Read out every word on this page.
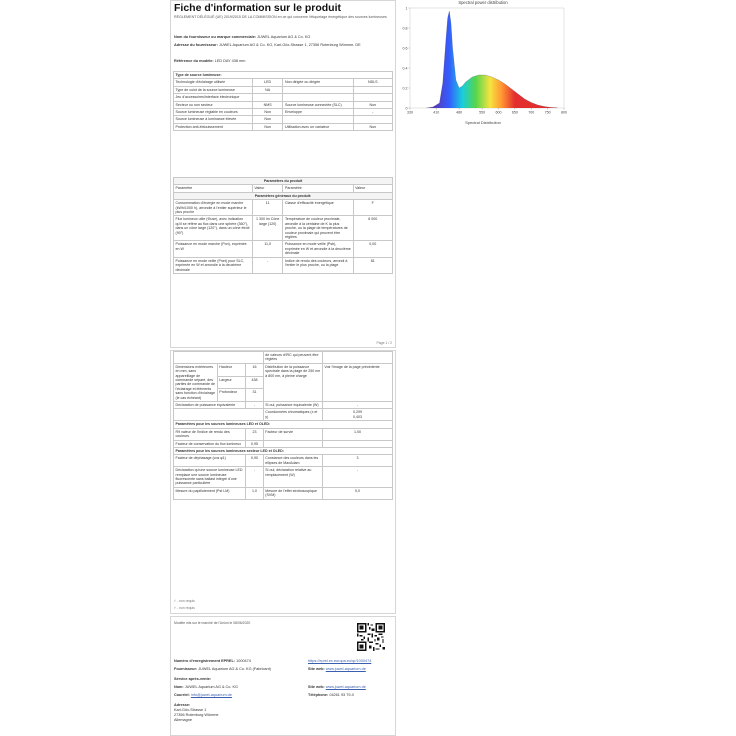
Fiche d'information sur le produit
RÈGLEMENT DÉLÉGUÉ (UE) 2019/2015 DE LA COMMISSION en ce qui concerne l'étiquetage énergétique des sources lumineuses
Nom du fournisseur ou marque commerciale: JUWEL Aquarium AG & Co. KG
Adresse du fournisseur: JUWEL Aquarium AG & Co. KG, Karl-Göx-Strasse 1, 27356 Rotenburg Wümme, DE
Référence du modèle: LED DAY 438 mm
Type de source lumineuse:			
Technologie d'éclairage utilisée	LED	Non dirigée ou dirigée	NDLS
Type de culot de la source lumineuse	NA		
Jeu d'accessoires/interface électronique			
Secteur ou non secteur	NMS	Source lumineuse connectée (SLC)	Non
Source lumineuse réglable en couleurs	Non	Enveloppe	-
Source lumineuse à luminance élevée	Non		
Protection anti-éblouissement	Non	Utilisation avec un variateur	Non
Paramètres du produit			
Paramètre	Valeur	Paramètre	Valeur
Paramètres généraux du produit:			
Consommation d'énergie en mode marche (kWh/1000 h), arrondie à l'entier supérieur le plus proche	11	Classe d'efficacité énergétique	F
Flux lumineux utile (Φuse), avec indication qu'il se réfère au flux dans une sphère (360°), dans un cône large (120°), dans un cône étroit (90°)	1 300 lm Cône large (120)	Température de couleur proximale, arrondie à la centaine de K la plus proche, ou la plage de températures de couleur proximale qui peuvent être réglées	6 000
Puissance en mode marche (Pon), exprimée en W	11,0	Puissance en mode veille (Psb), exprimée en W et arrondie à la deuxième décimale	0,00
Puissance en mode veille (Pnet) pour SLC, exprimée en W et arrondie à la deuxième décimale	-	Indice de rendu des couleurs, arrondi à l'entier le plus proche, ou la plage	81
Page 1 / 2
			de valeurs d'IRC qui peuvent être réglées	
Dimensions extérieures en mm, sans appareillage de commande séparé, des parties de commande de l'éclairage et éléments sans fonction d'éclairage (le cas échéant)	Hauteur	16	Distribution de la puissance spectrale dans la plage de 250 nm à 800 nm, à pleine charge	Voir l'image de la page précédente
	Largeur	438		
	Profondeur	31		
Déclaration de puissance équivalente		-	Si oui, puissance équivalente (W)	-
			Coordonnées chromatiques (x et y)	0,299
0,403
Paramètres pour les sources lumineuses LED et OLED:				
R9 valeur de l'indice de rendu des couleurs		23	Facteur de survie	1,00
Facteur de conservation du flux lumineux		0,95		
Paramètres pour les sources lumineuses secteur LED et OLED:				
Facteur de déphasage (cos φ1)		0,90	Constance des couleurs dans les ellipses de MacAdam	3
Déclaration qu'une source lumineuse LED remplace une source lumineuse fluorescente sans ballast intégré d'une puissance particulière		-	Si oui, déclaration relative au remplacement (W)	-
Mesure du papillotement (Pst LM)		1,0	Mesure de l'effet stroboscopique (SVM)	0,0
¹⁾ - non requis
²⁾ - non requis
Modèle mis sur le marché de l'Union le 08/06/2020
Numéro d'enregistrement EPREL: 1000474	https://eprel.ec.europa.eu/qr/1000474
Fournisseur: JUWEL Aquarium AG & Co. KG (Fabricant)	Site web: www.juwel-aquarium.de
Service après-vente:
Nom: JUWEL Aquarium AG & Co. KG	Site web: www.juwel-aquarium.de
Courriel: info@juwel-aquarium.de	Téléphone: 04261 93 79-0
Adresse:
Karl-Göx-Strasse 1
27356 Rotenburg Wümme
Allemagne
Spectral power distribution
0
0.2
0.4
0.6
0.8
1
330	410	480	550	600	650	700	750	800
Spectral Distribution
